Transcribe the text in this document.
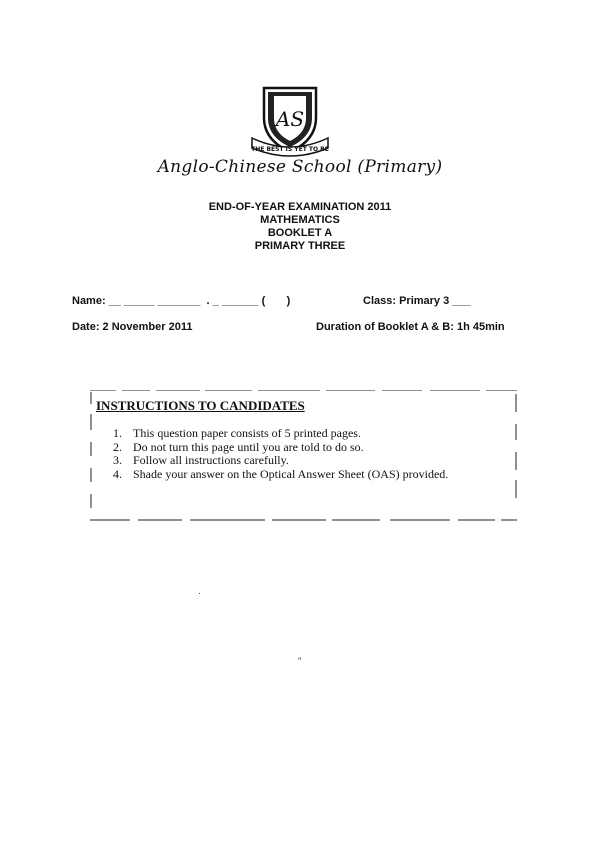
AS
THE BEST IS YET TO BE
Anglo-Chinese School (Primary)
END-OF-YEAR EXAMINATION 2011
MATHEMATICS
BOOKLET A
PRIMARY THREE
Name: __ _____ _______  . _ ______ (       )	Class: Primary 3 ___
Date: 2 November 2011	Duration of Booklet A & B: 1h 45min
INSTRUCTIONS TO CANDIDATES
1. This question paper consists of 5 printed pages.
2. Do not turn this page until you are told to do so.
3. Follow all instructions carefully.
4. Shade your answer on the Optical Answer Sheet (OAS) provided.
·
′′
